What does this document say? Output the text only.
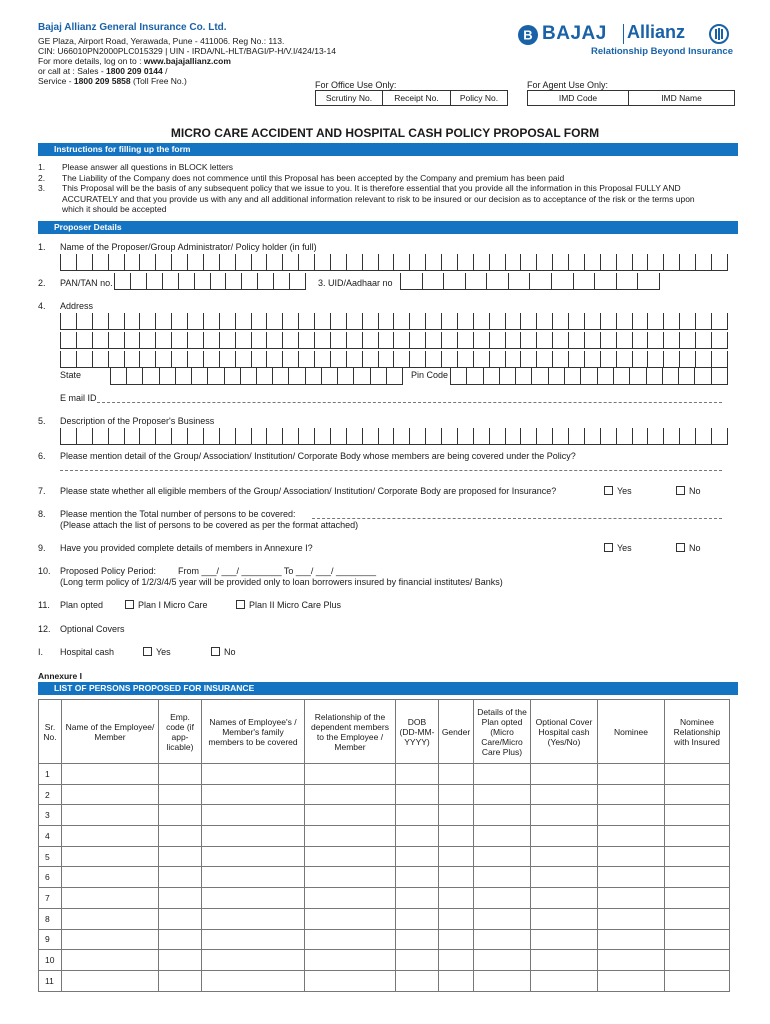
Bajaj Allianz General Insurance Co. Ltd.
GE Plaza, Airport Road, Yerawada, Pune - 411006. Reg No.: 113.
CIN: U66010PN2000PLC015329 | UIN - IRDA/NL-HLT/BAGI/P-H/V.I/424/13-14
For more details, log on to : www.bajajallianz.com
or call at : Sales - 1800 209 0144 /
Service - 1800 209 5858 (Toll Free No.)
B BAJAJ Allianz
Relationship Beyond Insurance
For Office Use Only:
Scrutiny No.	Receipt No.	Policy No.
For Agent Use Only:
IMD Code	IMD Name
MICRO CARE ACCIDENT AND HOSPITAL CASH POLICY PROPOSAL FORM
Instructions for filling up the form
1.	Please answer all questions in BLOCK letters
2.	The Liability of the Company does not commence until this Proposal has been accepted by the Company and premium has been paid
3.	This Proposal will be the basis of any subsequent policy that we issue to you. It is therefore essential that you provide all the information in this Proposal FULLY AND ACCURATELY and that you provide us with any and all additional information relevant to risk to be insured or our decision as to acceptance of the risk or the terms upon which it should be accepted
Proposer Details
1. Name of the Proposer/Group Administrator/ Policy holder (in full)
2. PAN/TAN no.	3. UID/Aadhaar no
4. Address
State	Pin Code
E mail ID
5. Description of the Proposer's Business
6. Please mention detail of the Group/ Association/ Institution/ Corporate Body whose members are being covered under the Policy?
7. Please state whether all eligible members of the Group/ Association/ Institution/ Corporate Body are proposed for Insurance?	Yes	No
8. Please mention the Total number of persons to be covered:
(Please attach the list of persons to be covered as per the format attached)
9. Have you provided complete details of members in Annexure I?	Yes	No
10. Proposed Policy Period: From ___/ ___/ ________ To ___/ ___/ ________
(Long term policy of 1/2/3/4/5 year will be provided only to loan borrowers insured by financial institutes/ Banks)
11. Plan opted	Plan I Micro Care	Plan II Micro Care Plus
12. Optional Covers
I. Hospital cash	Yes	No
Annexure I
LIST OF PERSONS PROPOSED FOR INSURANCE
Sr. No.	Name of the Employee/ Member	Emp. code (if app-licable)	Names of Employee's / Member's family members to be covered	Relationship of the dependent members to the Employee / Member	DOB (DD-MM-YYYY)	Gender	Details of the Plan opted (Micro Care/Micro Care Plus)	Optional Cover Hospital cash (Yes/No)	Nominee	Nominee Relationship with Insured
1										
2										
3										
4										
5										
6										
7										
8										
9										
10										
11										
